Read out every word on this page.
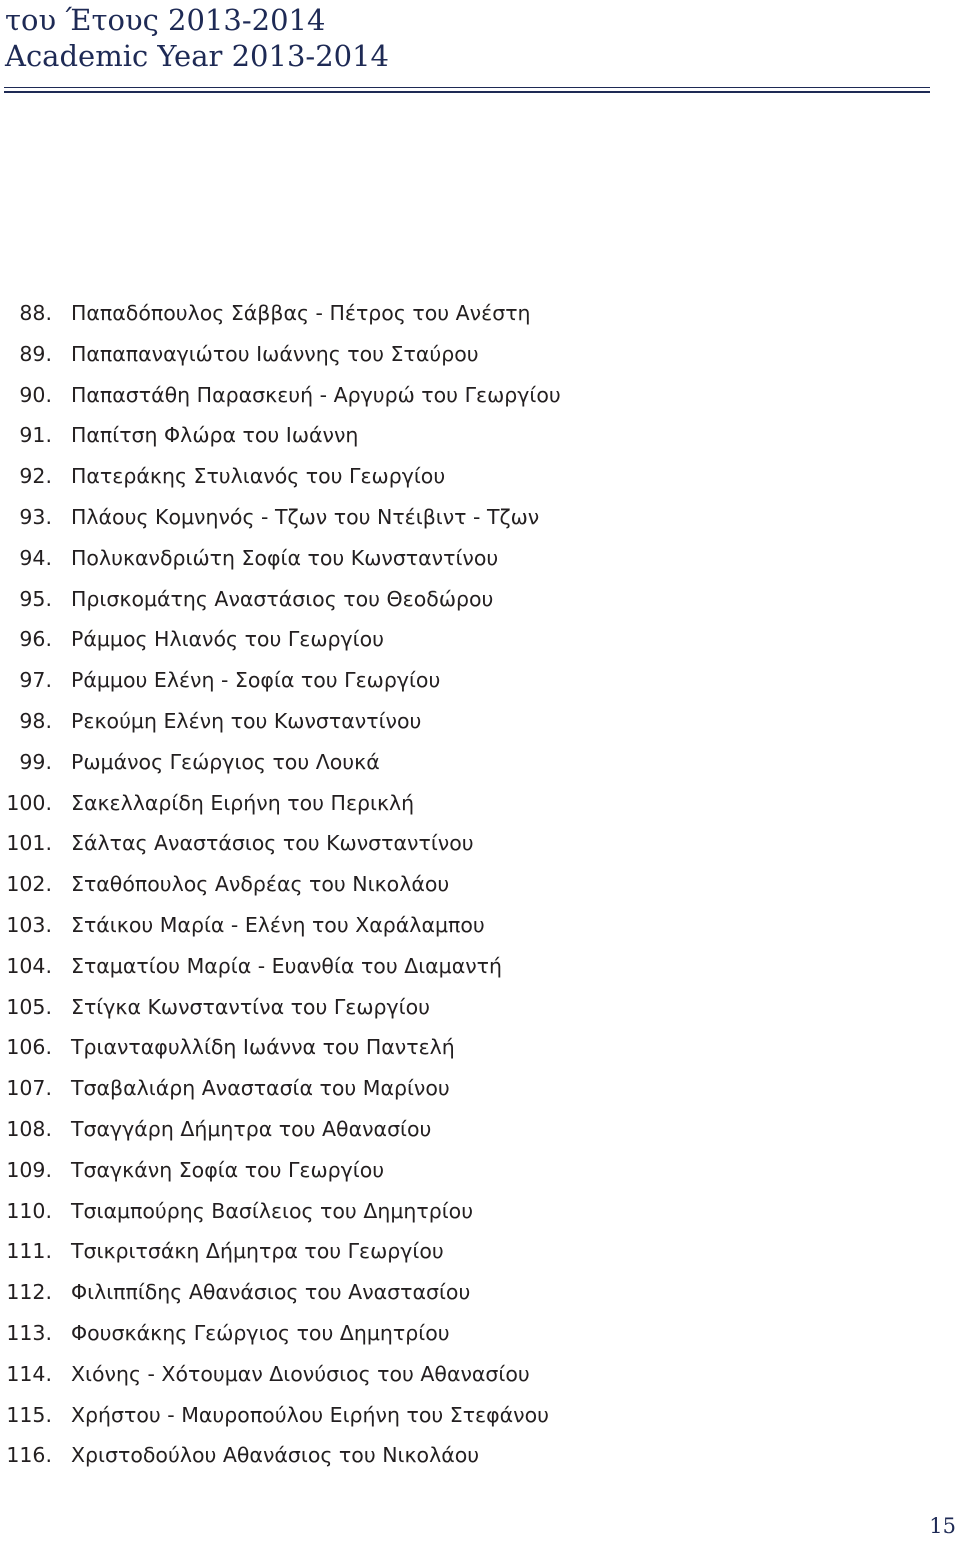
του Έτους 2013-2014
Academic Year 2013-2014
88. Παπαδόπουλος Σάββας - Πέτρος του Ανέστη
89. Παπαπαναγιώτου Ιωάννης του Σταύρου
90. Παπαστάθη Παρασκευή - Αργυρώ του Γεωργίου
91. Παπίτση Φλώρα του Ιωάννη
92. Πατεράκης Στυλιανός του Γεωργίου
93. Πλάους Κομνηνός - Τζων του Ντέιβιντ - Τζων
94. Πολυκανδριώτη Σοφία του Κωνσταντίνου
95. Πρισκομάτης Αναστάσιος του Θεοδώρου
96. Ράμμος Ηλιανός του Γεωργίου
97. Ράμμου Ελένη - Σοφία του Γεωργίου
98. Ρεκούμη Ελένη του Κωνσταντίνου
99. Ρωμάνος Γεώργιος του Λουκά
100. Σακελλαρίδη Ειρήνη του Περικλή
101. Σάλτας Αναστάσιος του Κωνσταντίνου
102. Σταθόπουλος Ανδρέας του Νικολάου
103. Στάικου Μαρία - Ελένη του Χαράλαμπου
104. Σταματίου Μαρία - Ευανθία του Διαμαντή
105. Στίγκα Κωνσταντίνα του Γεωργίου
106. Τριανταφυλλίδη Ιωάννα του Παντελή
107. Τσαβαλιάρη Αναστασία του Μαρίνου
108. Τσαγγάρη Δήμητρα του Αθανασίου
109. Τσαγκάνη Σοφία του Γεωργίου
110. Τσιαμπούρης Βασίλειος του Δημητρίου
111. Τσικριτσάκη Δήμητρα του Γεωργίου
112. Φιλιππίδης Αθανάσιος του Αναστασίου
113. Φουσκάκης Γεώργιος του Δημητρίου
114. Χιόνης - Χότουμαν Διονύσιος του Αθανασίου
115. Χρήστου - Μαυροπούλου Ειρήνη του Στεφάνου
116. Χριστοδούλου Αθανάσιος του Νικολάου
15
